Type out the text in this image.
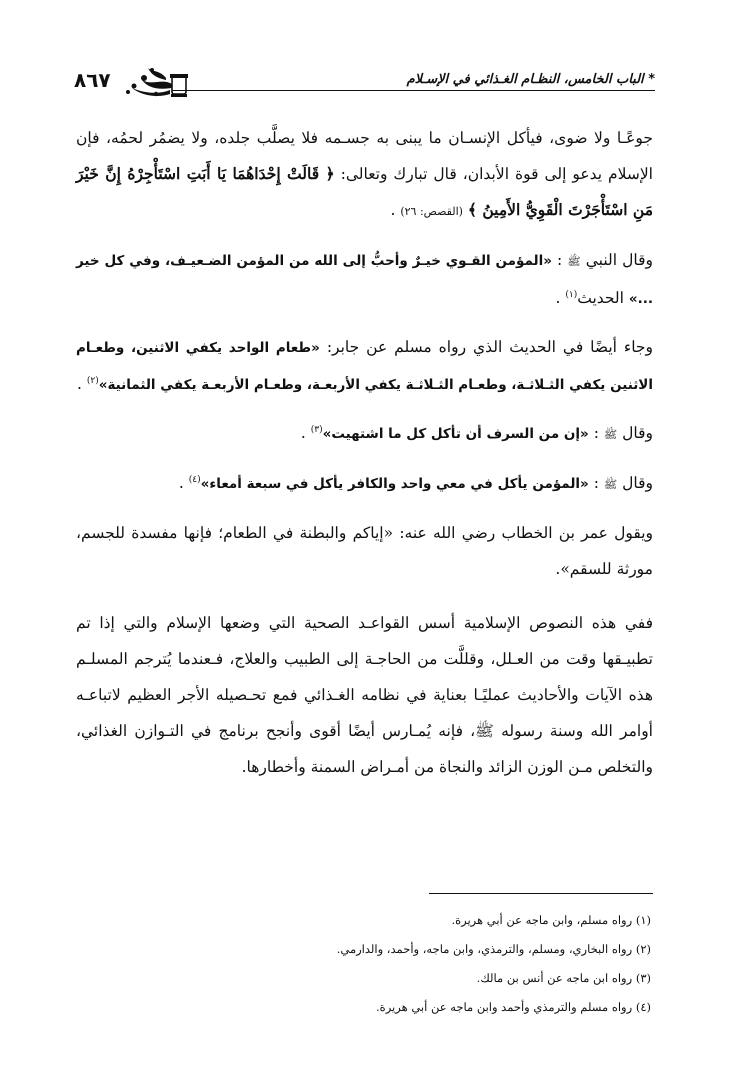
* الباب الخامس، النظـام الغـذائي في الإسـلام
٨٦٧

جوعًـا ولا ضوى، فيأكل الإنسـان ما يبنى به جسـمه فلا يصلَّب جلده، ولا يضمُر لحمُه، فإن الإسلام يدعو إلى قوة الأبدان، قال تبارك وتعالى: ﴿ قَالَتْ إِحْدَاهُمَا يَا أَبَتِ اسْتَأْجِرْهُ إِنَّ خَيْرَ مَنِ اسْتَأْجَرْتَ الْقَوِيُّ الأَمِينُ ﴾ (القصص: ٢٦) .

وقال النبي ﷺ : «المؤمن القـوي خيـرٌ وأحبُّ إلى الله من المؤمن الضـعيـف، وفي كل خير ...» الحديث$^{(١)}$ .

وجاء أيضًا في الحديث الذي رواه مسلم عن جابر: «طعام الواحد يكفي الاثنين، وطعـام الاثنين يكفي الثـلاثـة، وطعـام الثـلاثـة يكفي الأربعـة، وطعـام الأربعـة يكفي الثمانية»$^{(٢)}$ .

وقال ﷺ : «إن من السرف أن تأكل كل ما اشتهيت»$^{(٣)}$ .

وقال ﷺ : «المؤمن يأكل في معي واحد والكافر يأكل في سبعة أمعاء»$^{(٤)}$ .

ويقول عمر بن الخطاب رضي الله عنه: «إياكم والبطنة في الطعام؛ فإنها مفسدة للجسم، مورثة للسقم».

ففي هذه النصوص الإسلامية أسس القواعـد الصحية التي وضعها الإسلام والتي إذا تم تطبيـقها وقت من العـلل، وقللَّت من الحاجـة إلى الطبيب والعلاج، فـعندما يُترجم المسلـم هذه الآيات والأحاديث عمليًـا بعناية في نظامه الغـذائي فمع تحـصيله الأجر العظيم لاتباعـه أوامر الله وسنة رسوله ﷺ، فإنه يُمـارس أيضًا أقوى وأنجح برنامج في التـوازن الغذائي، والتخلص مـن الوزن الزائد والنجاة من أمـراض السمنة وأخطارها.

(١) رواه مسلم، وابن ماجه عن أبي هريرة.
(٢) رواه البخاري، ومسلم، والترمذي، وابن ماجه، وأحمد، والدارمي.
(٣) رواه ابن ماجه عن أنس بن مالك.
(٤) رواه مسلم والترمذي وأحمد وابن ماجه عن أبي هريرة.
